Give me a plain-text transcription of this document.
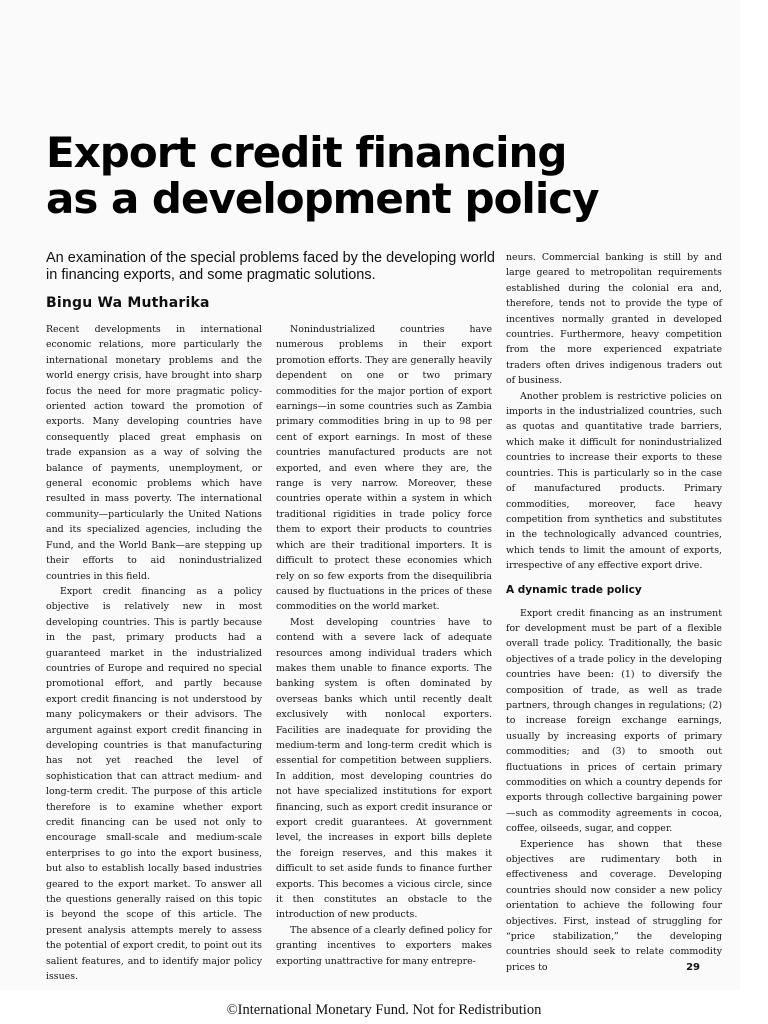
Export credit financing
as a development policy

An examination of the special problems faced by the developing world in financing exports, and some pragmatic solutions.

Bingu Wa Mutharika

Recent developments in international economic relations, more particularly the international monetary problems and the world energy crisis, have brought into sharp focus the need for more pragmatic policy-oriented action toward the promotion of exports. Many developing countries have consequently placed great emphasis on trade expansion as a way of solving the balance of payments, unemployment, or general economic problems which have resulted in mass poverty. The international community—particularly the United Nations and its specialized agencies, including the Fund, and the World Bank—are stepping up their efforts to aid nonindustrialized countries in this field.

Export credit financing as a policy objective is relatively new in most developing countries. This is partly because in the past, primary products had a guaranteed market in the industrialized countries of Europe and required no special promotional effort, and partly because export credit financing is not understood by many policymakers or their advisors. The argument against export credit financing in developing countries is that manufacturing has not yet reached the level of sophistication that can attract medium- and long-term credit. The purpose of this article therefore is to examine whether export credit financing can be used not only to encourage small-scale and medium-scale enterprises to go into the export business, but also to establish locally based industries geared to the export market. To answer all the questions generally raised on this topic is beyond the scope of this article. The present analysis attempts merely to assess the potential of export credit, to point out its salient features, and to identify major policy issues.

Nonindustrialized countries have numerous problems in their export promotion efforts. They are generally heavily dependent on one or two primary commodities for the major portion of export earnings—in some countries such as Zambia primary commodities bring in up to 98 per cent of export earnings. In most of these countries manufactured products are not exported, and even where they are, the range is very narrow. Moreover, these countries operate within a system in which traditional rigidities in trade policy force them to export their products to countries which are their traditional importers. It is difficult to protect these economies which rely on so few exports from the disequilibria caused by fluctuations in the prices of these commodities on the world market.

Most developing countries have to contend with a severe lack of adequate resources among individual traders which makes them unable to finance exports. The banking system is often dominated by overseas banks which until recently dealt exclusively with nonlocal exporters. Facilities are inadequate for providing the medium-term and long-term credit which is essential for competition between suppliers. In addition, most developing countries do not have specialized institutions for export financing, such as export credit insurance or export credit guarantees. At government level, the increases in export bills deplete the foreign reserves, and this makes it difficult to set aside funds to finance further exports. This becomes a vicious circle, since it then constitutes an obstacle to the introduction of new products.

The absence of a clearly defined policy for granting incentives to exporters makes exporting unattractive for many entrepre-

neurs. Commercial banking is still by and large geared to metropolitan requirements established during the colonial era and, therefore, tends not to provide the type of incentives normally granted in developed countries. Furthermore, heavy competition from the more experienced expatriate traders often drives indigenous traders out of business.

Another problem is restrictive policies on imports in the industrialized countries, such as quotas and quantitative trade barriers, which make it difficult for nonindustrialized countries to increase their exports to these countries. This is particularly so in the case of manufactured products. Primary commodities, moreover, face heavy competition from synthetics and substitutes in the technologically advanced countries, which tends to limit the amount of exports, irrespective of any effective export drive.

A dynamic trade policy

Export credit financing as an instrument for development must be part of a flexible overall trade policy. Traditionally, the basic objectives of a trade policy in the developing countries have been: (1) to diversify the composition of trade, as well as trade partners, through changes in regulations; (2) to increase foreign exchange earnings, usually by increasing exports of primary commodities; and (3) to smooth out fluctuations in prices of certain primary commodities on which a country depends for exports through collective bargaining power—such as commodity agreements in cocoa, coffee, oilseeds, sugar, and copper.

Experience has shown that these objectives are rudimentary both in effectiveness and coverage. Developing countries should now consider a new policy orientation to achieve the following four objectives. First, instead of struggling for “price stabilization,” the developing countries should seek to relate commodity prices to	29
©International Monetary Fund. Not for Redistribution
